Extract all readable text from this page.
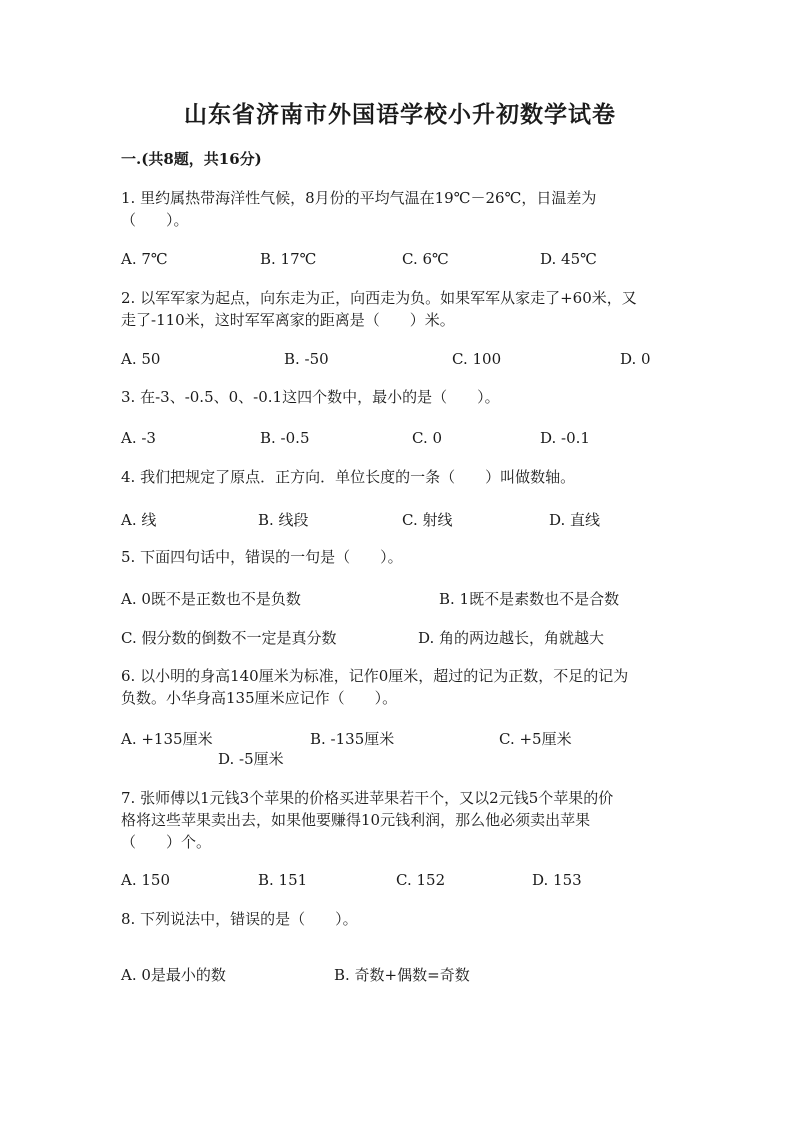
山东省济南市外国语学校小升初数学试卷
一.(共8题，共16分)
1. 里约属热带海洋性气候，8月份的平均气温在19℃－26℃，日温差为
（　　）。
A. 7℃	B. 17℃	C. 6℃	D. 45℃
2. 以军军家为起点，向东走为正，向西走为负。如果军军从家走了+60米，又
走了-110米，这时军军离家的距离是（　　）米。
A. 50	B. -50	C. 100	D. 0
3. 在-3、-0.5、0、-0.1这四个数中，最小的是（　　）。
A. -3	B. -0.5	C. 0	D. -0.1
4. 我们把规定了原点．正方向．单位长度的一条（　　）叫做数轴。
A. 线	B. 线段	C. 射线	D. 直线
5. 下面四句话中，错误的一句是（　　）。
A. 0既不是正数也不是负数	B. 1既不是素数也不是合数
C. 假分数的倒数不一定是真分数	D. 角的两边越长，角就越大
6. 以小明的身高140厘米为标准，记作0厘米，超过的记为正数，不足的记为
负数。小华身高135厘米应记作（　　）。
A. +135厘米	B. -135厘米	C. +5厘米
D. -5厘米
7. 张师傅以1元钱3个苹果的价格买进苹果若干个，又以2元钱5个苹果的价
格将这些苹果卖出去，如果他要赚得10元钱利润，那么他必须卖出苹果
（　　）个。
A. 150	B. 151	C. 152	D. 153
8. 下列说法中，错误的是（　　）。
A. 0是最小的数	B. 奇数+偶数=奇数
